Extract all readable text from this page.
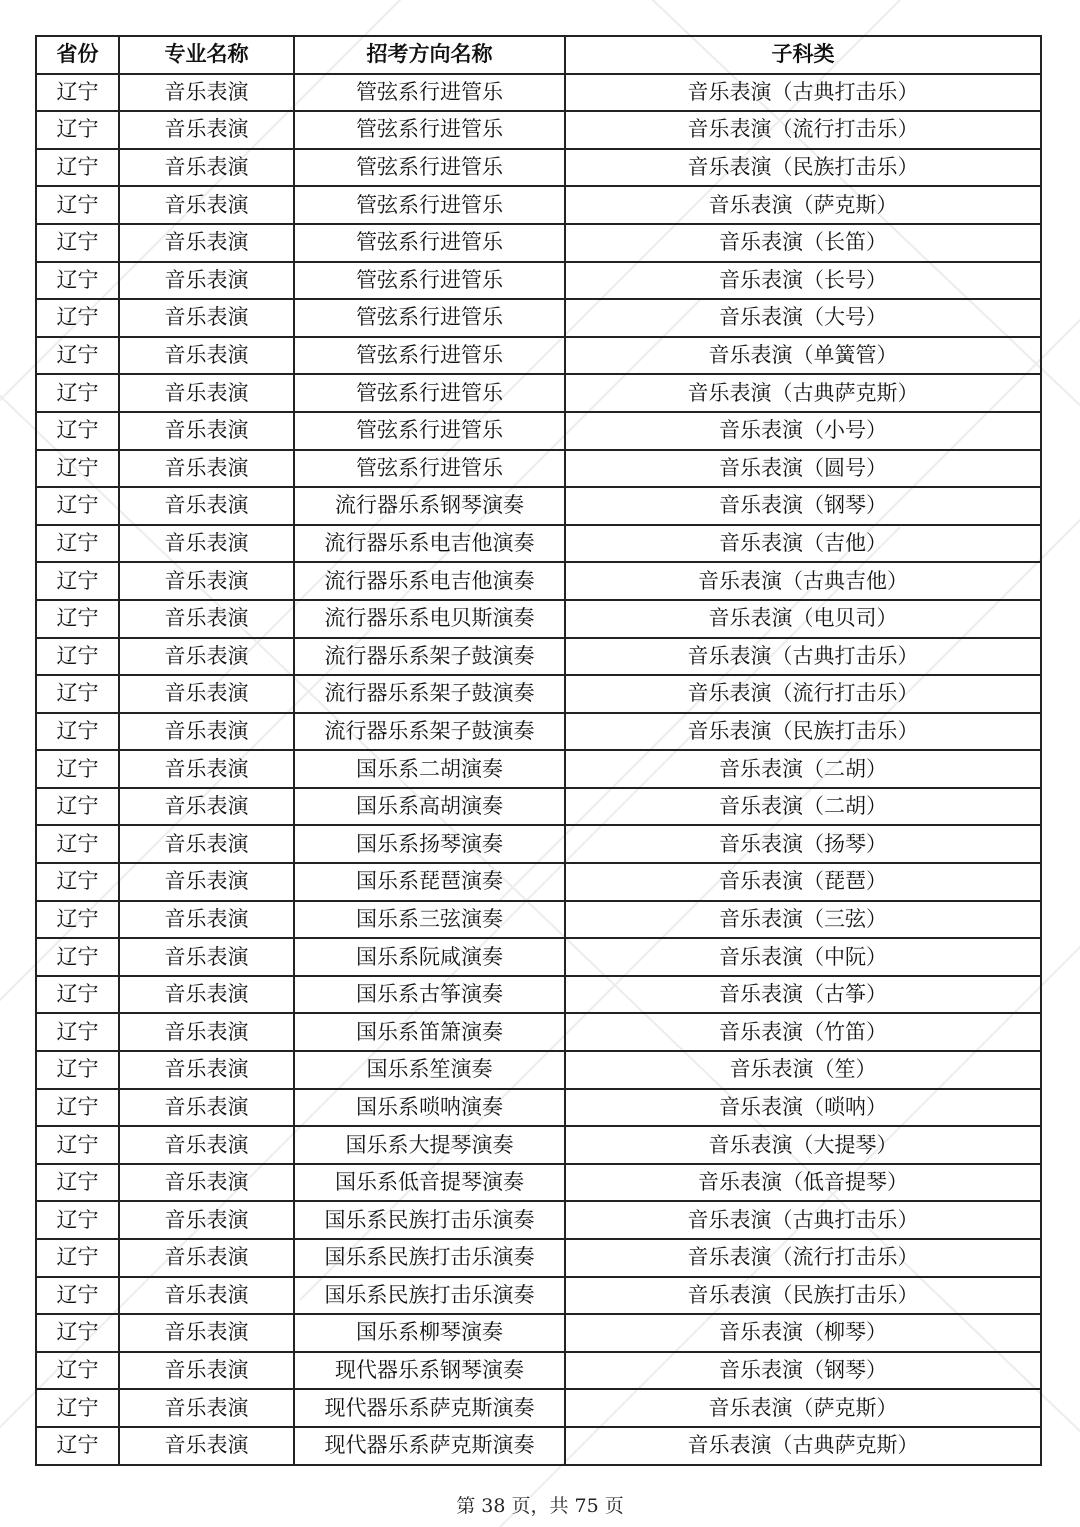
省份	专业名称	招考方向名称	子科类
辽宁	音乐表演	管弦系行进管乐	音乐表演（古典打击乐）
辽宁	音乐表演	管弦系行进管乐	音乐表演（流行打击乐）
辽宁	音乐表演	管弦系行进管乐	音乐表演（民族打击乐）
辽宁	音乐表演	管弦系行进管乐	音乐表演（萨克斯）
辽宁	音乐表演	管弦系行进管乐	音乐表演（长笛）
辽宁	音乐表演	管弦系行进管乐	音乐表演（长号）
辽宁	音乐表演	管弦系行进管乐	音乐表演（大号）
辽宁	音乐表演	管弦系行进管乐	音乐表演（单簧管）
辽宁	音乐表演	管弦系行进管乐	音乐表演（古典萨克斯）
辽宁	音乐表演	管弦系行进管乐	音乐表演（小号）
辽宁	音乐表演	管弦系行进管乐	音乐表演（圆号）
辽宁	音乐表演	流行器乐系钢琴演奏	音乐表演（钢琴）
辽宁	音乐表演	流行器乐系电吉他演奏	音乐表演（吉他）
辽宁	音乐表演	流行器乐系电吉他演奏	音乐表演（古典吉他）
辽宁	音乐表演	流行器乐系电贝斯演奏	音乐表演（电贝司）
辽宁	音乐表演	流行器乐系架子鼓演奏	音乐表演（古典打击乐）
辽宁	音乐表演	流行器乐系架子鼓演奏	音乐表演（流行打击乐）
辽宁	音乐表演	流行器乐系架子鼓演奏	音乐表演（民族打击乐）
辽宁	音乐表演	国乐系二胡演奏	音乐表演（二胡）
辽宁	音乐表演	国乐系高胡演奏	音乐表演（二胡）
辽宁	音乐表演	国乐系扬琴演奏	音乐表演（扬琴）
辽宁	音乐表演	国乐系琵琶演奏	音乐表演（琵琶）
辽宁	音乐表演	国乐系三弦演奏	音乐表演（三弦）
辽宁	音乐表演	国乐系阮咸演奏	音乐表演（中阮）
辽宁	音乐表演	国乐系古筝演奏	音乐表演（古筝）
辽宁	音乐表演	国乐系笛箫演奏	音乐表演（竹笛）
辽宁	音乐表演	国乐系笙演奏	音乐表演（笙）
辽宁	音乐表演	国乐系唢呐演奏	音乐表演（唢呐）
辽宁	音乐表演	国乐系大提琴演奏	音乐表演（大提琴）
辽宁	音乐表演	国乐系低音提琴演奏	音乐表演（低音提琴）
辽宁	音乐表演	国乐系民族打击乐演奏	音乐表演（古典打击乐）
辽宁	音乐表演	国乐系民族打击乐演奏	音乐表演（流行打击乐）
辽宁	音乐表演	国乐系民族打击乐演奏	音乐表演（民族打击乐）
辽宁	音乐表演	国乐系柳琴演奏	音乐表演（柳琴）
辽宁	音乐表演	现代器乐系钢琴演奏	音乐表演（钢琴）
辽宁	音乐表演	现代器乐系萨克斯演奏	音乐表演（萨克斯）
辽宁	音乐表演	现代器乐系萨克斯演奏	音乐表演（古典萨克斯）
第 38 页，共 75 页
